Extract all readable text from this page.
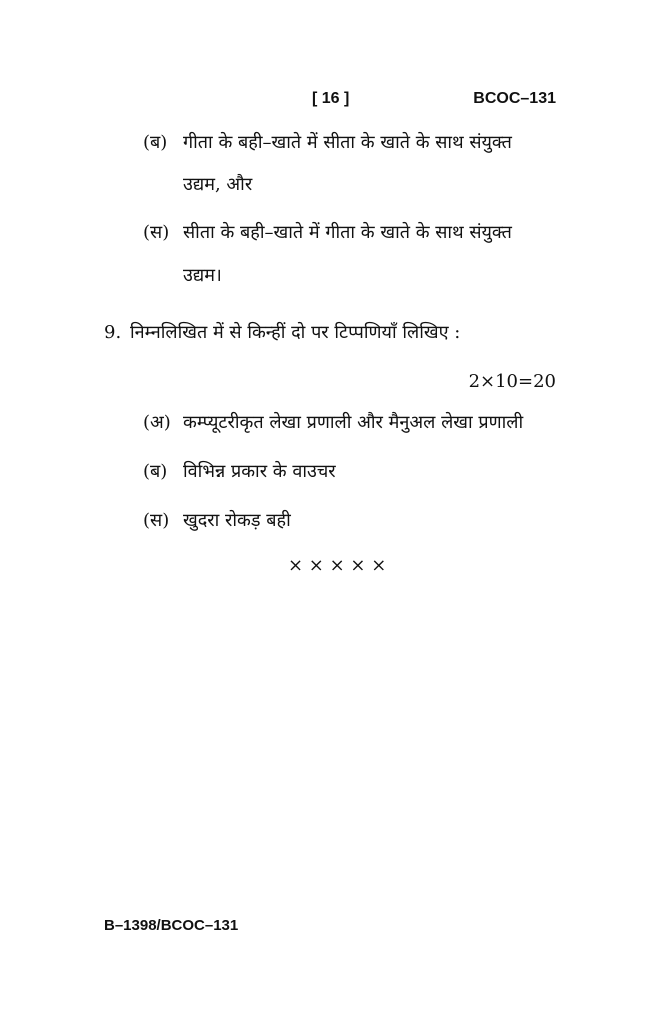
[ 16 ]	BCOC–131
(ब) गीता के बही–खाते में सीता के खाते के साथ संयुक्त
उद्यम, और
(स) सीता के बही–खाते में गीता के खाते के साथ संयुक्त
उद्यम।
9. निम्नलिखित में से किन्हीं दो पर टिप्पणियाँ लिखिए :
2×10=20
(अ) कम्प्यूटरीकृत लेखा प्रणाली और मैनुअल लेखा प्रणाली
(ब) विभिन्न प्रकार के वाउचर
(स) खुदरा रोकड़ बही
× × × × ×
B–1398/BCOC–131
